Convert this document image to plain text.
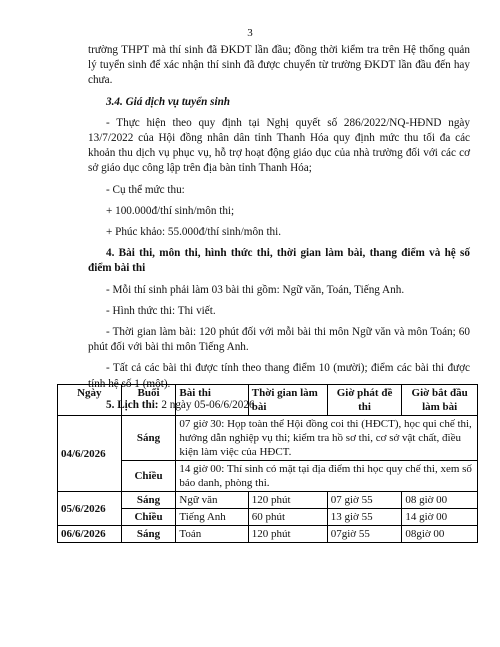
3

trường THPT mà thí sinh đã ĐKDT lần đầu; đồng thời kiểm tra trên Hệ thống quản lý tuyển sinh để xác nhận thí sinh đã được chuyển từ trường ĐKDT lần đầu đến hay chưa.

3.4. Giá dịch vụ tuyển sinh

- Thực hiện theo quy định tại Nghị quyết số 286/2022/NQ-HĐND ngày 13/7/2022 của Hội đồng nhân dân tỉnh Thanh Hóa quy định mức thu tối đa các khoản thu dịch vụ phục vụ, hỗ trợ hoạt động giáo dục của nhà trường đối với các cơ sở giáo dục công lập trên địa bàn tỉnh Thanh Hóa;

- Cụ thể mức thu:

+ 100.000đ/thí sinh/môn thi;

+ Phúc khảo: 55.000đ/thí sinh/môn thi.

4. Bài thi, môn thi, hình thức thi, thời gian làm bài, thang điểm và hệ số điểm bài thi

- Mỗi thí sinh phải làm 03 bài thi gồm: Ngữ văn, Toán, Tiếng Anh.

- Hình thức thi: Thi viết.

- Thời gian làm bài: 120 phút đối với mỗi bài thi môn Ngữ văn và môn Toán; 60 phút đối với bài thi môn Tiếng Anh.

- Tất cả các bài thi được tính theo thang điểm 10 (mười); điểm các bài thi được tính hệ số 1 (một).

5. Lịch thi: 2 ngày 05-06/6/2026

Ngày	Buổi	Bài thi	Thời gian làm bài	Giờ phát đề thi	Giờ bắt đầu làm bài
04/6/2026	Sáng	07 giờ 30: Họp toàn thể Hội đồng coi thi (HĐCT), học qui chế thi, hướng dẫn nghiệp vụ thi; kiểm tra hồ sơ thi, cơ sở vật chất, điều kiện làm việc của HĐCT.			
	Chiều	14 giờ 00: Thí sinh có mặt tại địa điểm thi học quy chế thi, xem số báo danh, phòng thi.			
05/6/2026	Sáng	Ngữ văn	120 phút	07 giờ 55	08 giờ 00
	Chiều	Tiếng Anh	60 phút	13 giờ 55	14 giờ 00
06/6/2026	Sáng	Toán	120 phút	07giờ 55	08giờ 00
